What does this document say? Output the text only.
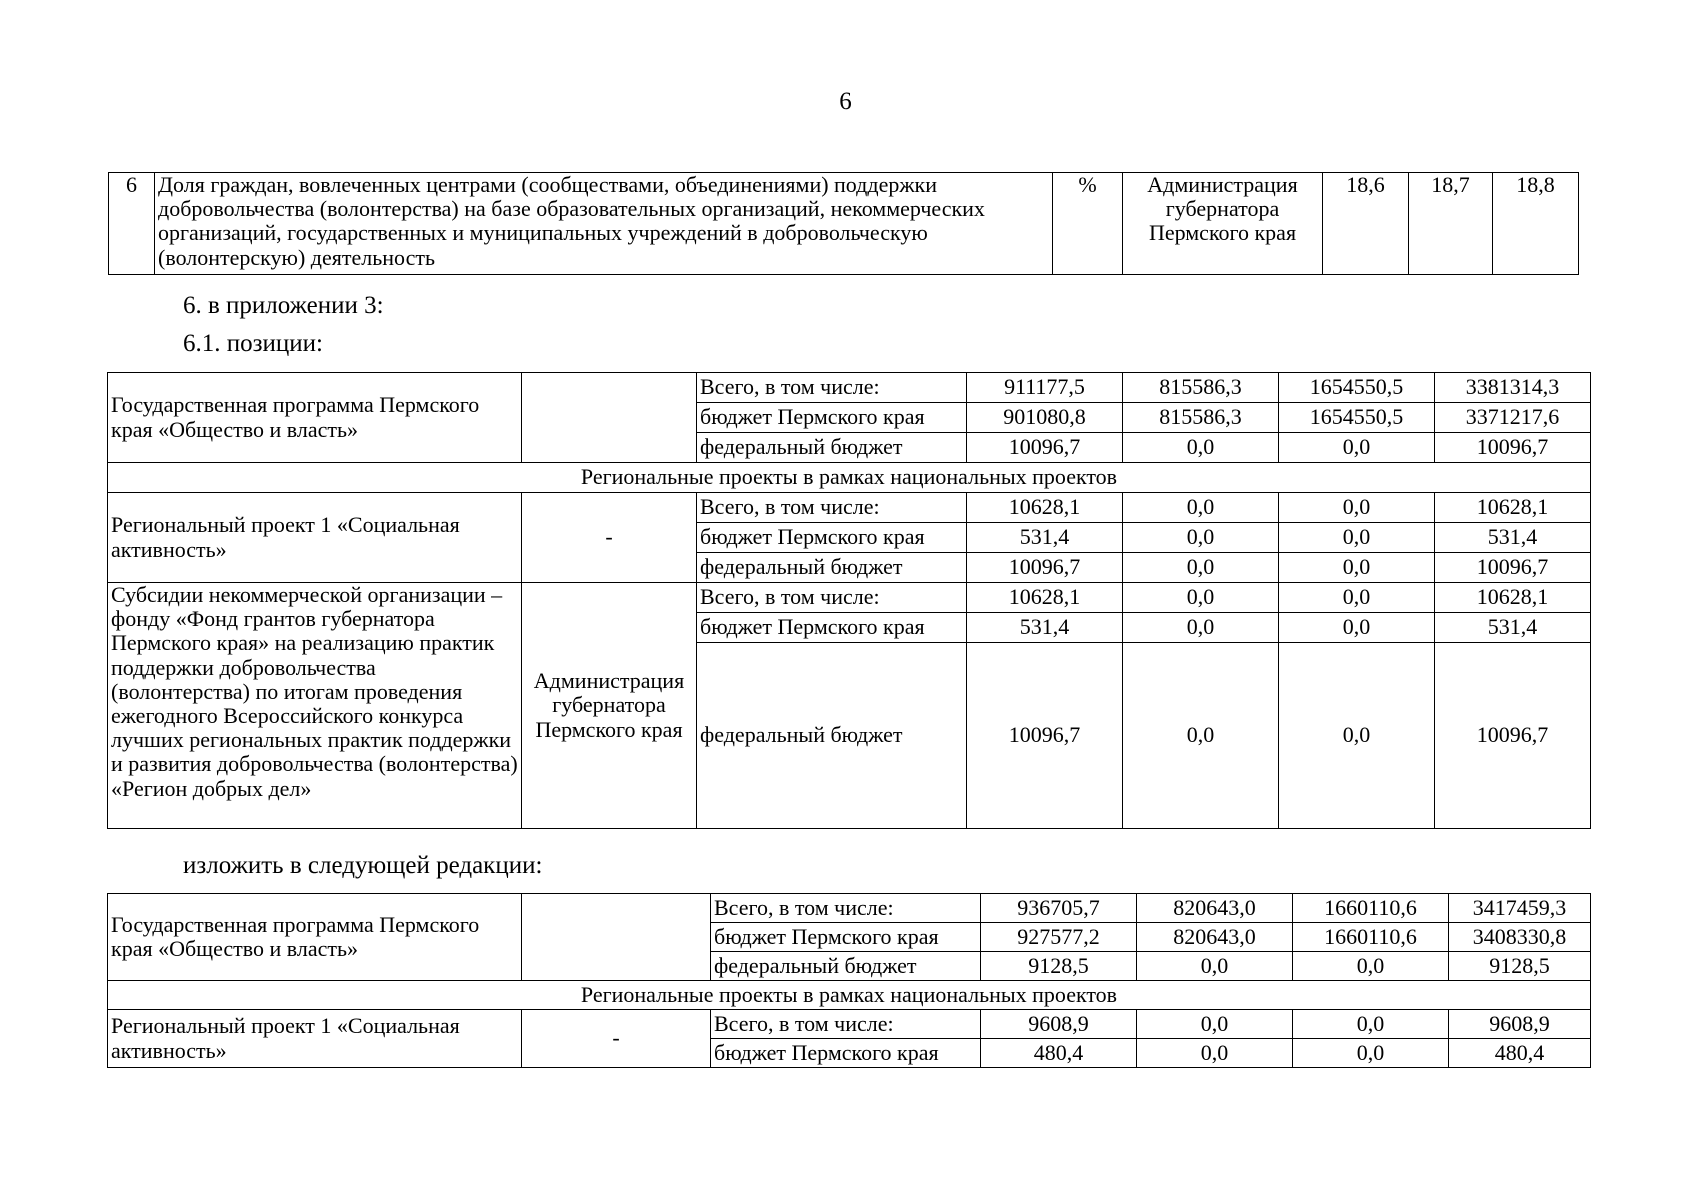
6
6	Доля граждан, вовлеченных центрами (сообществами, объединениями) поддержки добровольчества (волонтерства) на базе образовательных организаций, некоммерческих организаций, государственных и муниципальных учреждений в добровольческую (волонтерскую) деятельность	%	Администрация губернатора Пермского края	18,6	18,7	18,8
6. в приложении 3:
6.1. позиции:
Государственная программа Пермского края «Общество и власть»		Всего, в том числе:	911177,5	815586,3	1654550,5	3381314,3
		бюджет Пермского края	901080,8	815586,3	1654550,5	3371217,6
		федеральный бюджет	10096,7	0,0	0,0	10096,7
Региональные проекты в рамках национальных проектов						
Региональный проект 1 «Социальная активность»	-	Всего, в том числе:	10628,1	0,0	0,0	10628,1
		бюджет Пермского края	531,4	0,0	0,0	531,4
		федеральный бюджет	10096,7	0,0	0,0	10096,7
Субсидии некоммерческой организации – фонду «Фонд грантов губернатора Пермского края» на реализацию практик поддержки добровольчества (волонтерства) по итогам проведения ежегодного Всероссийского конкурса лучших региональных практик поддержки и развития добровольчества (волонтерства) «Регион добрых дел»	Администрация губернатора Пермского края	Всего, в том числе:	10628,1	0,0	0,0	10628,1
		бюджет Пермского края	531,4	0,0	0,0	531,4
		федеральный бюджет	10096,7	0,0	0,0	10096,7
изложить в следующей редакции:
Государственная программа Пермского края «Общество и власть»		Всего, в том числе:	936705,7	820643,0	1660110,6	3417459,3
		бюджет Пермского края	927577,2	820643,0	1660110,6	3408330,8
		федеральный бюджет	9128,5	0,0	0,0	9128,5
Региональные проекты в рамках национальных проектов						
Региональный проект 1 «Социальная активность»	-	Всего, в том числе:	9608,9	0,0	0,0	9608,9
		бюджет Пермского края	480,4	0,0	0,0	480,4
